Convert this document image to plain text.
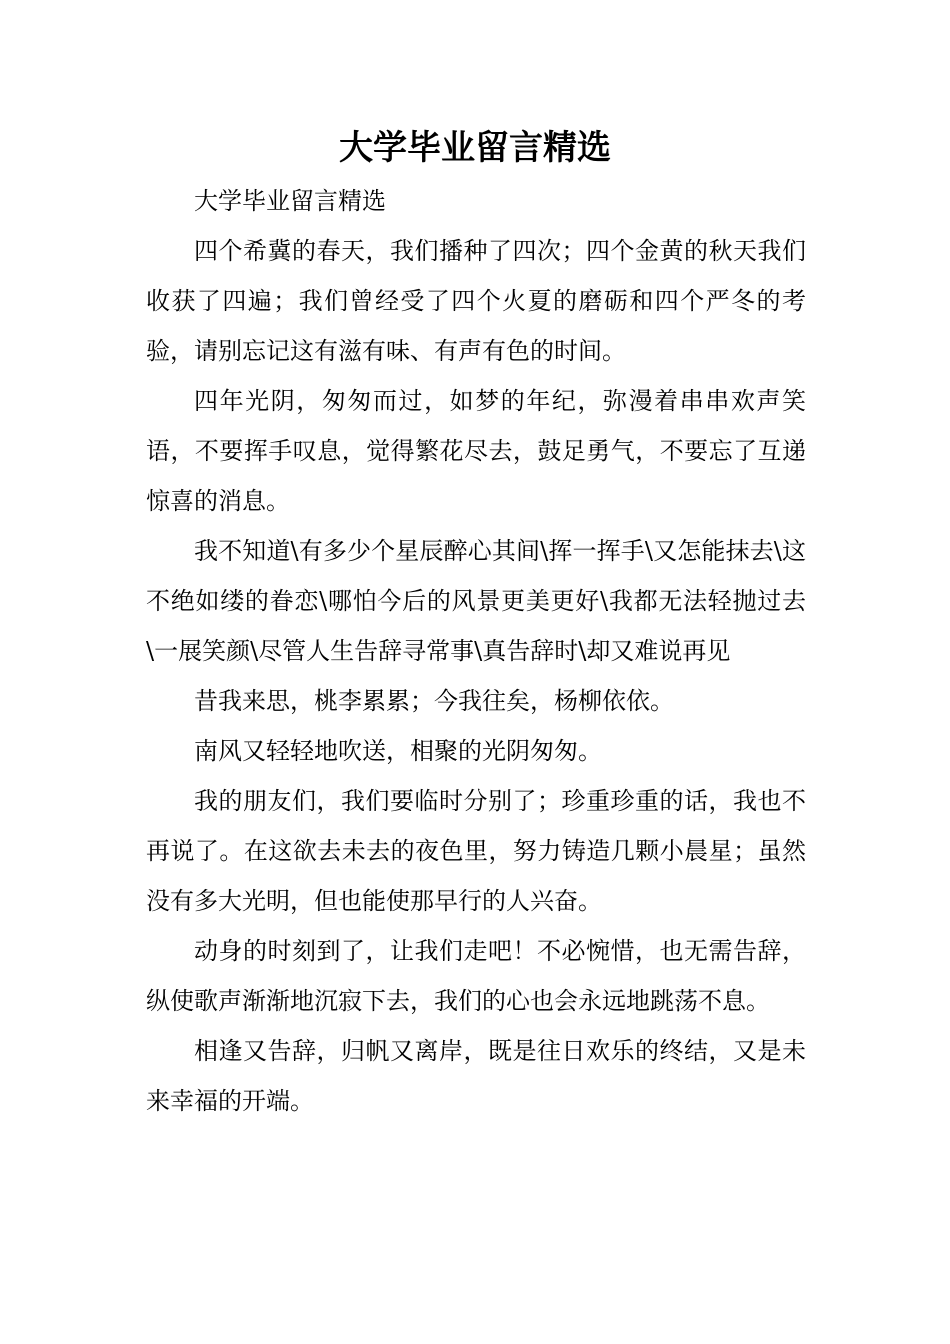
大学毕业留言精选

大学毕业留言精选

四个希冀的春天，我们播种了四次；四个金黄的秋天我们收获了四遍；我们曾经受了四个火夏的磨砺和四个严冬的考验，请别忘记这有滋有味、有声有色的时间。

四年光阴，匆匆而过，如梦的年纪，弥漫着串串欢声笑语，不要挥手叹息，觉得繁花尽去，鼓足勇气，不要忘了互递惊喜的消息。

我不知道\有多少个星辰醉心其间\挥一挥手\又怎能抹去\这不绝如缕的眷恋\哪怕今后的风景更美更好\我都无法轻抛过去\一展笑颜\尽管人生告辞寻常事\真告辞时\却又难说再见

昔我来思，桃李累累；今我往矣，杨柳依依。

南风又轻轻地吹送，相聚的光阴匆匆。

我的朋友们，我们要临时分别了；珍重珍重的话，我也不再说了。在这欲去未去的夜色里，努力铸造几颗小晨星；虽然没有多大光明，但也能使那早行的人兴奋。

动身的时刻到了，让我们走吧！不必惋惜，也无需告辞，纵使歌声渐渐地沉寂下去，我们的心也会永远地跳荡不息。

相逢又告辞，归帆又离岸，既是往日欢乐的终结，又是未来幸福的开端。
